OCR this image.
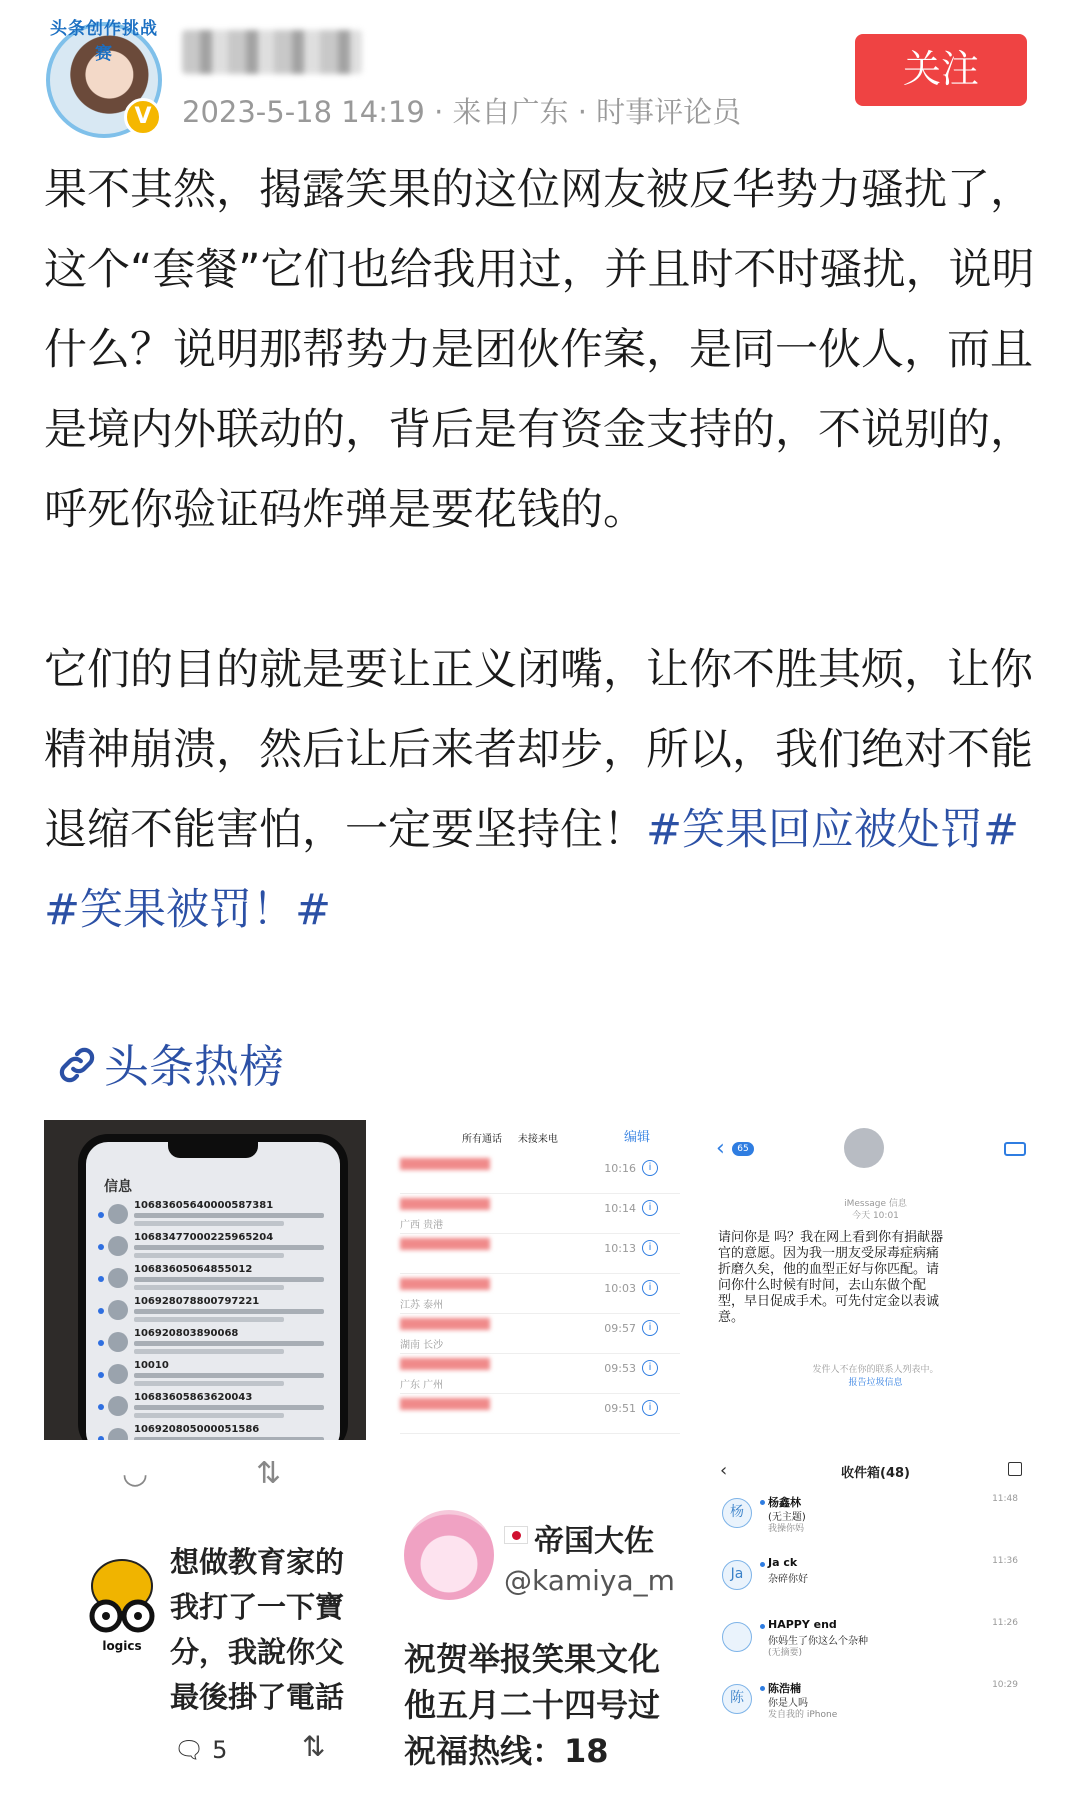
头条创作挑战赛
V	2023-5-18 14:19 · 来自广东 · 时事评论员
关注
果不其然，揭露笑果的这位网友被反华势力骚扰了，这个“套餐”它们也给我用过，并且时不时骚扰，说明什么？说明那帮势力是团伙作案，是同一伙人，而且是境内外联动的，背后是有资金支持的，不说别的，呼死你验证码炸弹是要花钱的。
它们的目的就是要让正义闭嘴，让你不胜其烦，让你精神崩溃，然后让后来者却步，所以，我们绝对不能退缩不能害怕，一定要坚持住！#笑果回应被处罚# #笑果被罚！#
头条热榜
信息
10683605640000587381
10683477000225965204
10683605064855012
106928078800797221
106920803890068
10010
10683605863620043
106920805000051586
所有通话 未接来电	编辑
10:16	i
广西 贵港
10:14	i
10:13	i
江苏 泰州
10:03	i
湖南 长沙
09:57	i
广东 广州
09:53	i
09:51	i
‹	65
iMessage 信息
今天 10:01
请问你是 吗？我在网上看到你有捐献器官的意愿。因为我一朋友受尿毒症病痛折磨久矣，他的血型正好与你匹配。请问你什么时候有时间，去山东做个配型，早日促成手术。可先付定金以表诚意。
发件人不在你的联系人列表中。
报告垃圾信息
◡	⇅
logics
想做教育家的
我打了一下寶
分，我說你父
最後掛了電話
🗨︎ 5	⇅
帝国大佐
@kamiya_m
祝贺举报笑果文化
他五月二十四号过
祝福热线：18
‹	收件箱(48)
杨
杨鑫林
(无主题)
我操你妈
11:48
Ja
Ja ck
杂碎你好
11:36
HAPPY end
你妈生了你这么个杂种
(无摘要)
11:26
陈
陈浩楠
你是人吗
发自我的 iPhone
10:29
